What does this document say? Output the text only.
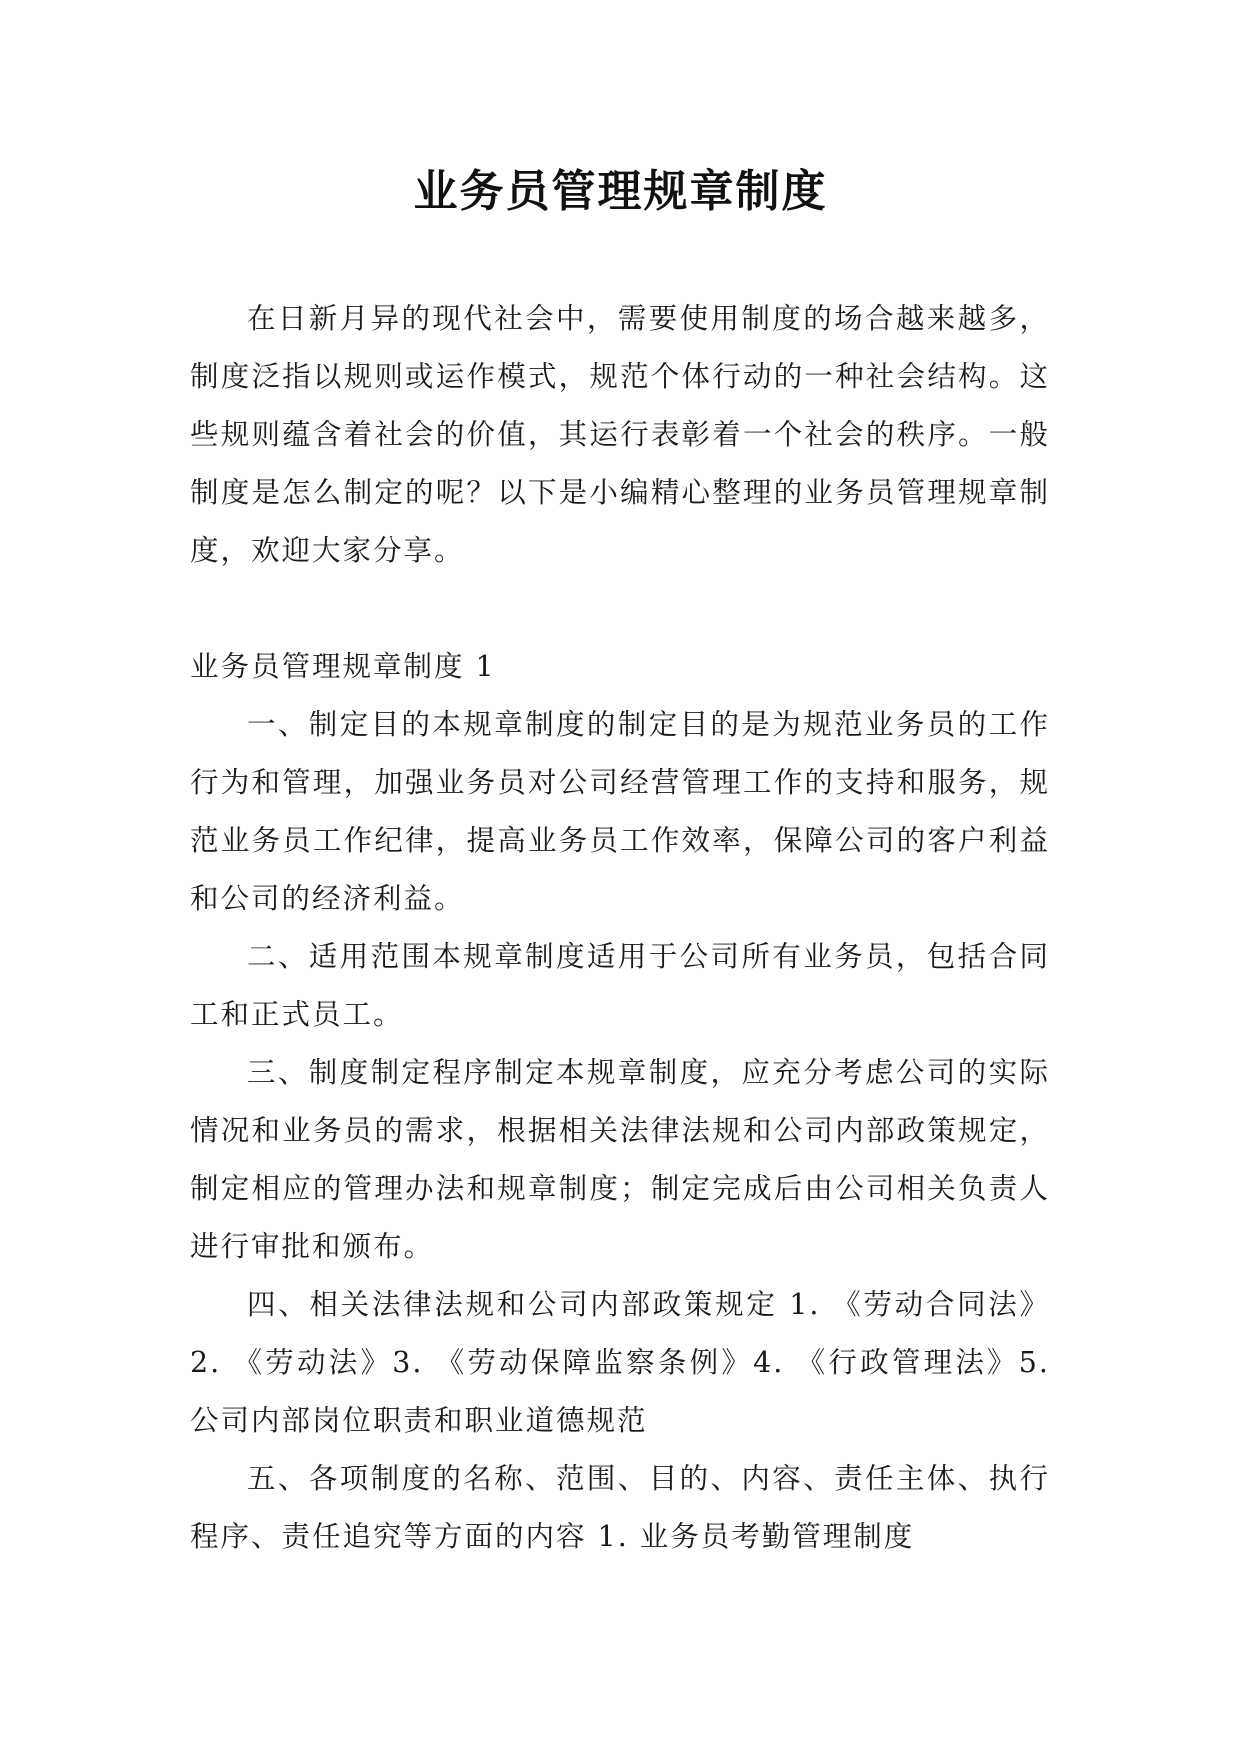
业务员管理规章制度

在日新月异的现代社会中，需要使用制度的场合越来越多，制度泛指以规则或运作模式，规范个体行动的一种社会结构。这些规则蕴含着社会的价值，其运行表彰着一个社会的秩序。一般制度是怎么制定的呢？以下是小编精心整理的业务员管理规章制度，欢迎大家分享。

业务员管理规章制度 1

一、制定目的本规章制度的制定目的是为规范业务员的工作行为和管理，加强业务员对公司经营管理工作的支持和服务，规范业务员工作纪律，提高业务员工作效率，保障公司的客户利益和公司的经济利益。

二、适用范围本规章制度适用于公司所有业务员，包括合同工和正式员工。

三、制度制定程序制定本规章制度，应充分考虑公司的实际情况和业务员的需求，根据相关法律法规和公司内部政策规定，制定相应的管理办法和规章制度；制定完成后由公司相关负责人进行审批和颁布。

四、相关法律法规和公司内部政策规定 1. 《劳动合同法》2. 《劳动法》3. 《劳动保障监察条例》4. 《行政管理法》5. 公司内部岗位职责和职业道德规范

五、各项制度的名称、范围、目的、内容、责任主体、执行程序、责任追究等方面的内容 1. 业务员考勤管理制度
